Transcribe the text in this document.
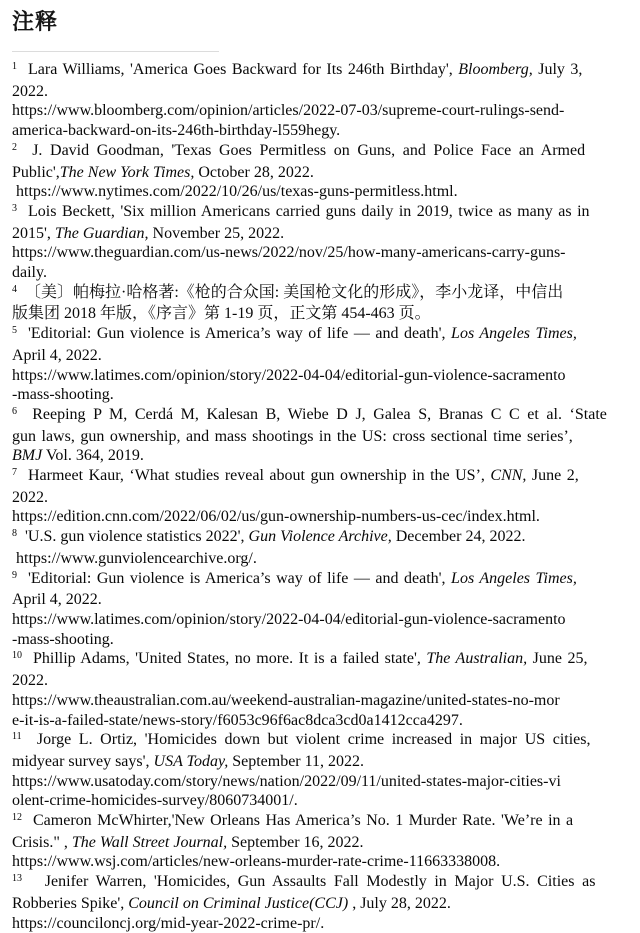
注释
$^1$  Lara Williams, 'America Goes Backward for Its 246th Birthday', Bloomberg, July 3,
2022.
https://www.bloomberg.com/opinion/articles/2022-07-03/supreme-court-rulings-send-
america-backward-on-its-246th-birthday-l559hegy.
$^2$  J. David Goodman, 'Texas Goes Permitless on Guns, and Police Face an Armed
Public',The New York Times, October 28, 2022.
https://www.nytimes.com/2022/10/26/us/texas-guns-permitless.html.
$^3$  Lois Beckett, 'Six million Americans carried guns daily in 2019, twice as many as in
2015', The Guardian, November 25, 2022.
https://www.theguardian.com/us-news/2022/nov/25/how-many-americans-carry-guns-
daily.
$^4$  〔美〕帕梅拉·哈格著:《枪的合众国: 美国枪文化的形成》，李小龙译，中信出
版集团 2018 年版，《序言》第 1-19 页，正文第 454-463 页。
$^5$  'Editorial: Gun violence is America’s way of life — and death', Los Angeles Times,
April 4, 2022.
https://www.latimes.com/opinion/story/2022-04-04/editorial-gun-violence-sacramento
-mass-shooting.
$^6$  Reeping P M, Cerdá M, Kalesan B, Wiebe D J, Galea S, Branas C C et al. ‘State
gun laws, gun ownership, and mass shootings in the US: cross sectional time series’,
BMJ Vol. 364, 2019.
$^7$  Harmeet Kaur, ‘What studies reveal about gun ownership in the US’, CNN, June 2,
2022.
https://edition.cnn.com/2022/06/02/us/gun-ownership-numbers-us-cec/index.html.
$^8$  'U.S. gun violence statistics 2022', Gun Violence Archive, December 24, 2022.
https://www.gunviolencearchive.org/.
$^9$  'Editorial: Gun violence is America’s way of life — and death', Los Angeles Times,
April 4, 2022.
https://www.latimes.com/opinion/story/2022-04-04/editorial-gun-violence-sacramento
-mass-shooting.
$^{10}$  Phillip Adams, 'United States, no more. It is a failed state', The Australian, June 25,
2022.
https://www.theaustralian.com.au/weekend-australian-magazine/united-states-no-mor
e-it-is-a-failed-state/news-story/f6053c96f6ac8dca3cd0a1412cca4297.
$^{11}$  Jorge L. Ortiz, 'Homicides down but violent crime increased in major US cities,
midyear survey says', USA Today, September 11, 2022.
https://www.usatoday.com/story/news/nation/2022/09/11/united-states-major-cities-vi
olent-crime-homicides-survey/8060734001/.
$^{12}$  Cameron McWhirter,'New Orleans Has America’s No. 1 Murder Rate. 'We’re in a
Crisis." , The Wall Street Journal, September 16, 2022.
https://www.wsj.com/articles/new-orleans-murder-rate-crime-11663338008.
$^{13}$   Jenifer Warren, 'Homicides, Gun Assaults Fall Modestly in Major U.S. Cities as
Robberies Spike', Council on Criminal Justice(CCJ) , July 28, 2022.
https://counciloncj.org/mid-year-2022-crime-pr/.
